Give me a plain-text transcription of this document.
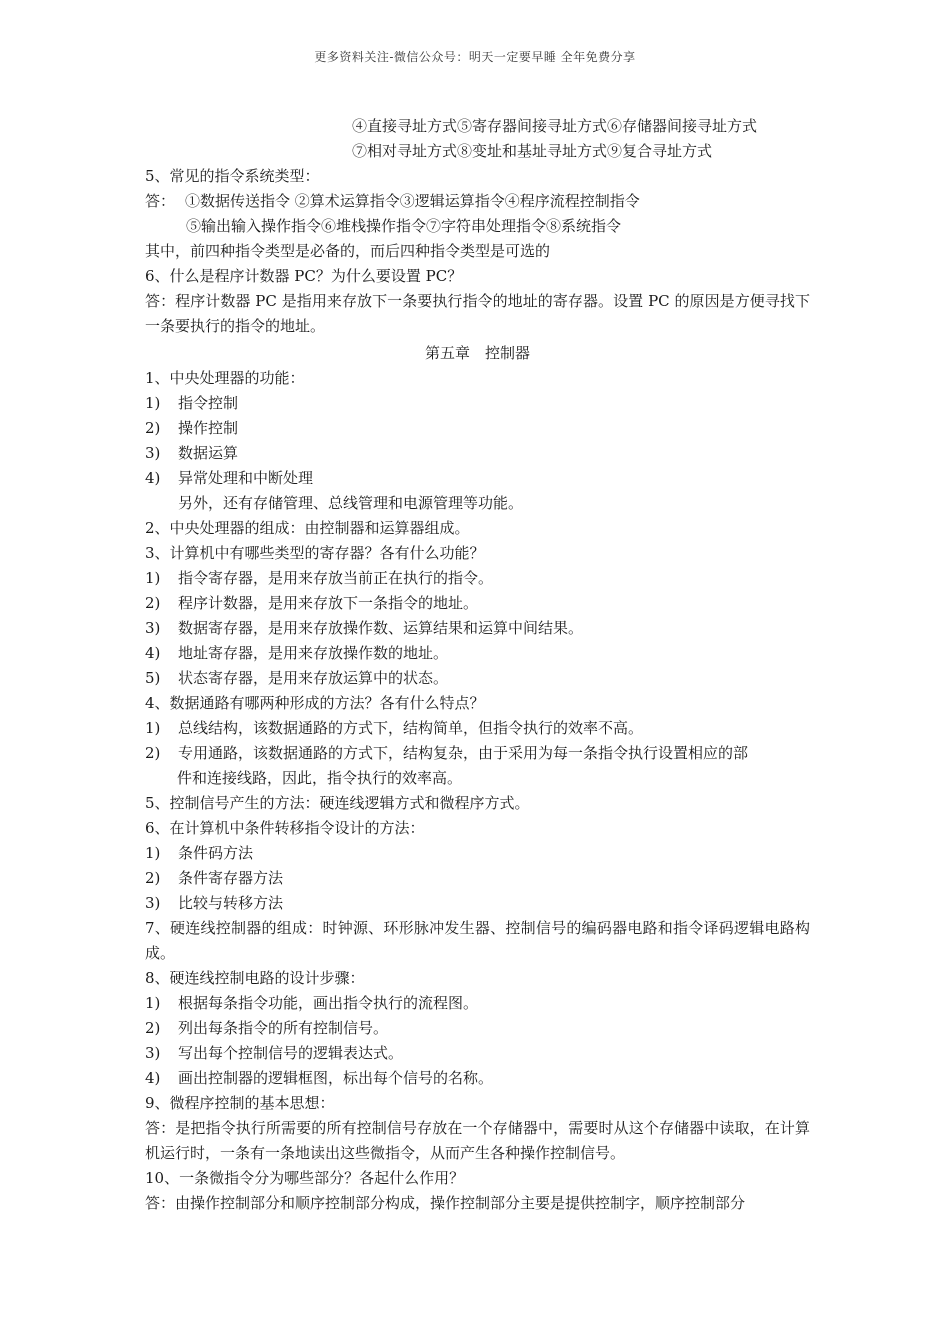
更多资料关注-微信公众号：明天一定要早睡 全年免费分享
④直接寻址方式⑤寄存器间接寻址方式⑥存储器间接寻址方式
⑦相对寻址方式⑧变址和基址寻址方式⑨复合寻址方式
5、常见的指令系统类型：
答： ①数据传送指令 ②算术运算指令③逻辑运算指令④程序流程控制指令
⑤输出输入操作指令⑥堆栈操作指令⑦字符串处理指令⑧系统指令
其中，前四种指令类型是必备的，而后四种指令类型是可选的
6、什么是程序计数器 PC？为什么要设置 PC？
答：程序计数器 PC 是指用来存放下一条要执行指令的地址的寄存器。设置 PC 的原因是方便寻找下一条要执行的指令的地址。
第五章　控制器
1、中央处理器的功能：
1) 指令控制
2) 操作控制
3) 数据运算
4) 异常处理和中断处理
另外，还有存储管理、总线管理和电源管理等功能。
2、中央处理器的组成：由控制器和运算器组成。
3、计算机中有哪些类型的寄存器？各有什么功能？
1) 指令寄存器，是用来存放当前正在执行的指令。
2) 程序计数器，是用来存放下一条指令的地址。
3) 数据寄存器，是用来存放操作数、运算结果和运算中间结果。
4) 地址寄存器，是用来存放操作数的地址。
5) 状态寄存器，是用来存放运算中的状态。
4、数据通路有哪两种形成的方法？各有什么特点？
1) 总线结构，该数据通路的方式下，结构简单，但指令执行的效率不高。
2) 专用通路，该数据通路的方式下，结构复杂，由于采用为每一条指令执行设置相应的部
件和连接线路，因此，指令执行的效率高。
5、控制信号产生的方法：硬连线逻辑方式和微程序方式。
6、在计算机中条件转移指令设计的方法：
1) 条件码方法
2) 条件寄存器方法
3) 比较与转移方法
7、硬连线控制器的组成：时钟源、环形脉冲发生器、控制信号的编码器电路和指令译码逻辑电路构成。
8、硬连线控制电路的设计步骤：
1) 根据每条指令功能，画出指令执行的流程图。
2) 列出每条指令的所有控制信号。
3) 写出每个控制信号的逻辑表达式。
4) 画出控制器的逻辑框图，标出每个信号的名称。
9、微程序控制的基本思想：
答：是把指令执行所需要的所有控制信号存放在一个存储器中，需要时从这个存储器中读取，在计算机运行时，一条有一条地读出这些微指令，从而产生各种操作控制信号。
10、一条微指令分为哪些部分？各起什么作用？
答：由操作控制部分和顺序控制部分构成，操作控制部分主要是提供控制字，顺序控制部分
